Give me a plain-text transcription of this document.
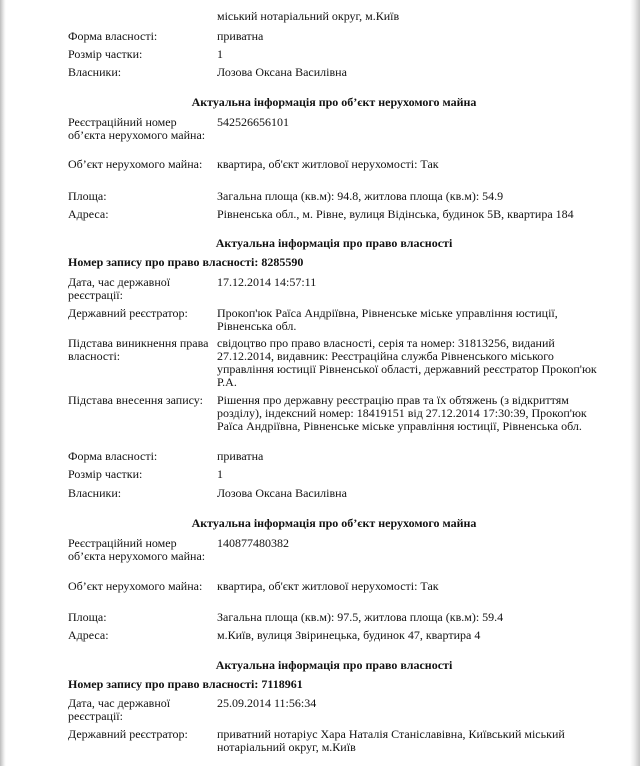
міський нотаріальний округ, м.Київ
Форма власності:	приватна
Розмір частки:	1
Власники:	Лозова Оксана Василівна
Актуальна інформація про об’єкт нерухомого майна
Реєстраційний номер об’єкта нерухомого майна:
542526656101
Об’єкт нерухомого майна:	квартира, об'єкт житлової нерухомості: Так
Площа:	Загальна площа (кв.м): 94.8, житлова площа (кв.м): 54.9
Адреса:	Рівненська обл., м. Рівне, вулиця Відінська, будинок 5В, квартира 184
Актуальна інформація про право власності
Номер запису про право власності: 8285590
Дата, час державної реєстрації:
17.12.2014 14:57:11
Державний реєстратор:	Прокоп'юк Раїса Андріївна, Рівненське міське управління юстиції, Рівненська обл.
Підстава виникнення права власності:
свідоцтво про право власності, серія та номер: 31813256, виданий 27.12.2014, видавник: Реєстраційна служба Рівненського міського управління юстиції Рівненської області, державний реєстратор Прокоп'юк Р.А.
Підстава внесення запису:	Рішення про державну реєстрацію прав та їх обтяжень (з відкриттям розділу), індексний номер: 18419151 від 27.12.2014 17:30:39, Прокоп'юк Раїса Андріївна, Рівненське міське управління юстиції, Рівненська обл.
Форма власності:	приватна
Розмір частки:	1
Власники:	Лозова Оксана Василівна
Актуальна інформація про об’єкт нерухомого майна
Реєстраційний номер об’єкта нерухомого майна:
140877480382
Об’єкт нерухомого майна:	квартира, об'єкт житлової нерухомості: Так
Площа:	Загальна площа (кв.м): 97.5, житлова площа (кв.м): 59.4
Адреса:	м.Київ, вулиця Звіринецька, будинок 47, квартира 4
Актуальна інформація про право власності
Номер запису про право власності: 7118961
Дата, час державної реєстрації:
25.09.2014 11:56:34
Державний реєстратор:	приватний нотаріус Хара Наталія Станіславівна, Київський міський нотаріальний округ, м.Київ
